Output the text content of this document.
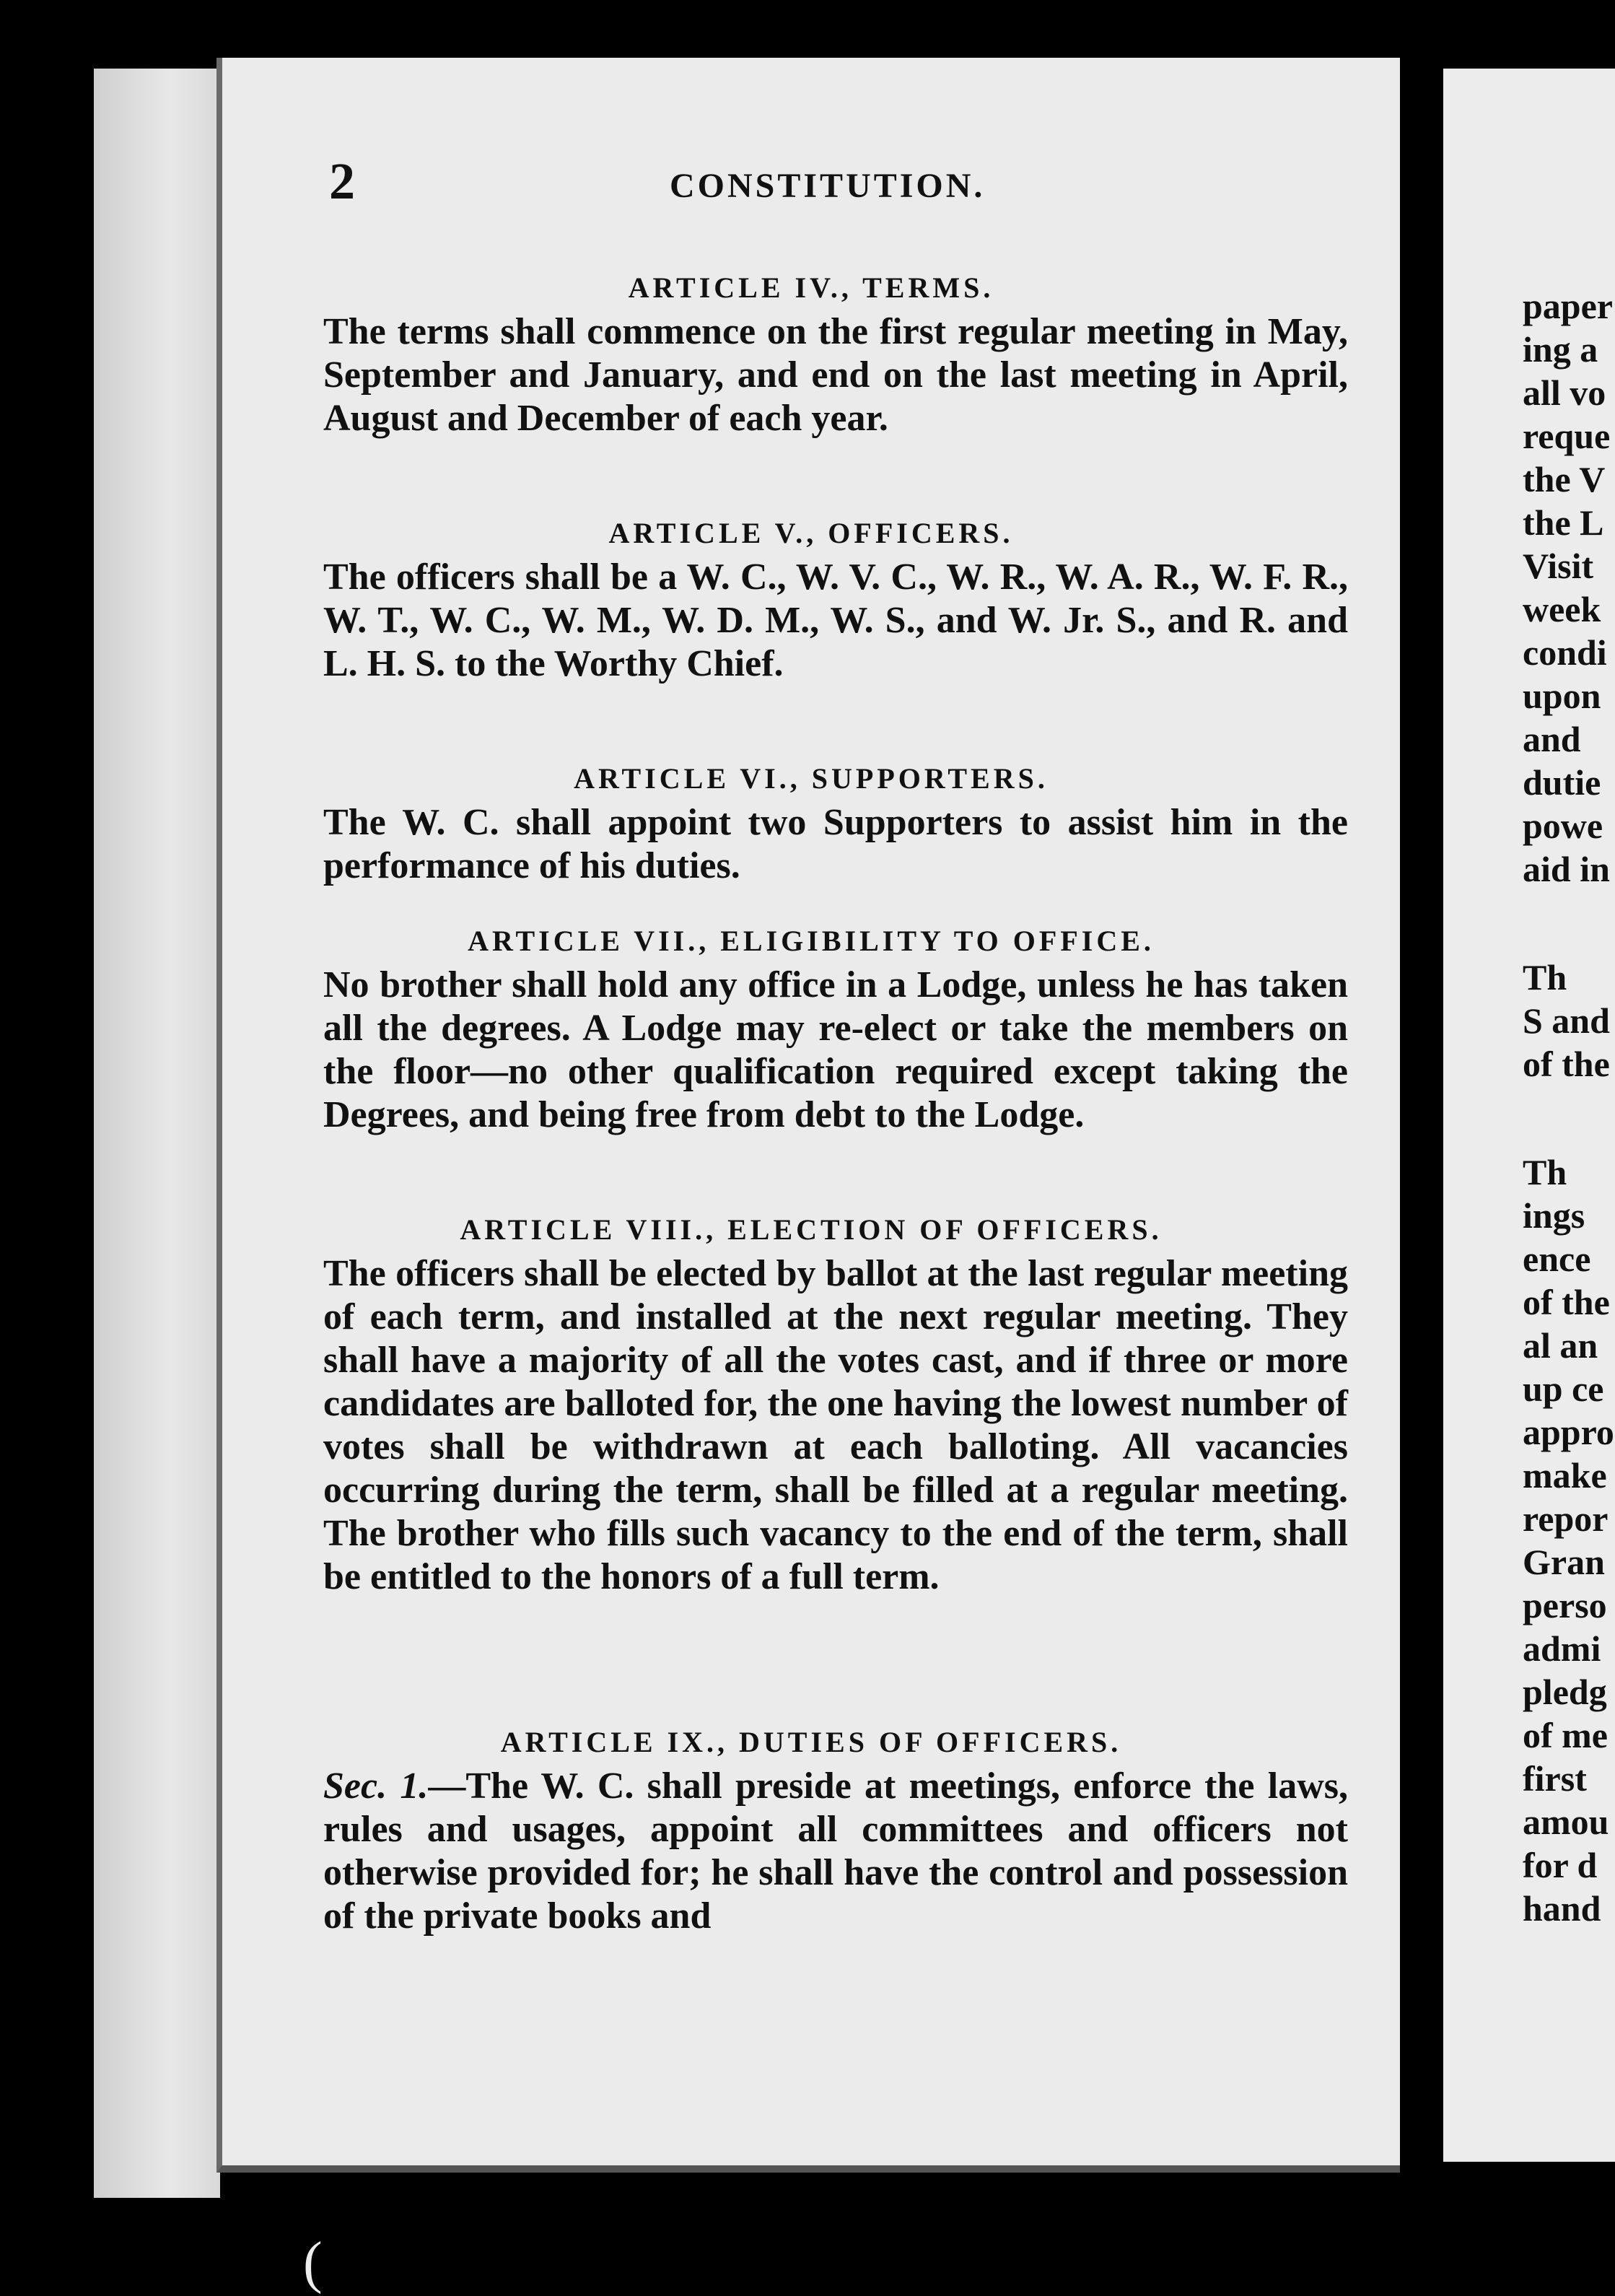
2	CONSTITUTION.
ARTICLE IV., TERMS.
The terms shall commence on the first regular meeting in May, September and January, and end on the last meeting in April, August and December of each year.
ARTICLE V., OFFICERS.
The officers shall be a W. C., W. V. C., W. R., W. A. R., W. F. R., W. T., W. C., W. M., W. D. M., W. S., and W. Jr. S., and R. and L. H. S. to the Worthy Chief.
ARTICLE VI., SUPPORTERS.
The W. C. shall appoint two Supporters to assist him in the performance of his duties.
ARTICLE VII., ELIGIBILITY TO OFFICE.
No brother shall hold any office in a Lodge, unless he has taken all the degrees. A Lodge may re-elect or take the members on the floor—no other qualification required except taking the Degrees, and being free from debt to the Lodge.
ARTICLE VIII., ELECTION OF OFFICERS.
The officers shall be elected by ballot at the last regular meeting of each term, and installed at the next regular meeting. They shall have a majority of all the votes cast, and if three or more candidates are balloted for, the one having the lowest number of votes shall be withdrawn at each balloting. All vacancies occurring during the term, shall be filled at a regular meeting. The brother who fills such vacancy to the end of the term, shall be entitled to the honors of a full term.
ARTICLE IX., DUTIES OF OFFICERS.
Sec. 1.—The W. C. shall preside at meetings, enforce the laws, rules and usages, appoint all committees and officers not otherwise provided for; he shall have the control and possession of the private books and
paper
ing a
all vo
reque
the V
the L
Visit
week
condi
upon
and
dutie
powe
aid in
Th
S and
of the
Th
ings
ence
of the
al an
up ce
appro
make
repor
Gran
perso
admi
pledg
of me
first
amou
for d
hand
(
